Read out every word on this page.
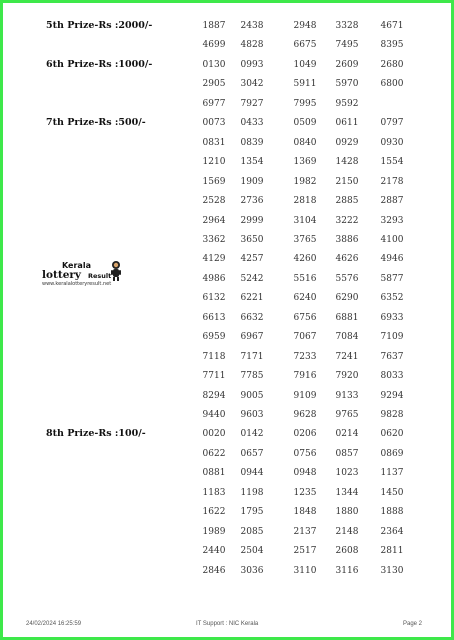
5th Prize-Rs :2000/-	1887	2438	2948	3328	4671
4699	4828	6675	7495	8395
6th Prize-Rs :1000/-	0130	0993	1049	2609	2680
2905	3042	5911	5970	6800
6977	7927	7995	9592
7th Prize-Rs :500/-	0073	0433	0509	0611	0797
0831	0839	0840	0929	0930
1210	1354	1369	1428	1554
1569	1909	1982	2150	2178
2528	2736	2818	2885	2887
2964	2999	3104	3222	3293
3362	3650	3765	3886	4100
4129	4257	4260	4626	4946
4986	5242	5516	5576	5877
6132	6221	6240	6290	6352
6613	6632	6756	6881	6933
6959	6967	7067	7084	7109
7118	7171	7233	7241	7637
7711	7785	7916	7920	8033
8294	9005	9109	9133	9294
9440	9603	9628	9765	9828
8th Prize-Rs :100/-	0020	0142	0206	0214	0620
0622	0657	0756	0857	0869
0881	0944	0948	1023	1137
1183	1198	1235	1344	1450
1622	1795	1848	1880	1888
1989	2085	2137	2148	2364
2440	2504	2517	2608	2811
2846	3036	3110	3116	3130
Kerala
lottery Result
www.keralalotteryresult.net
24/02/2024 16:25:59	IT Support : NIC Kerala	Page 2
